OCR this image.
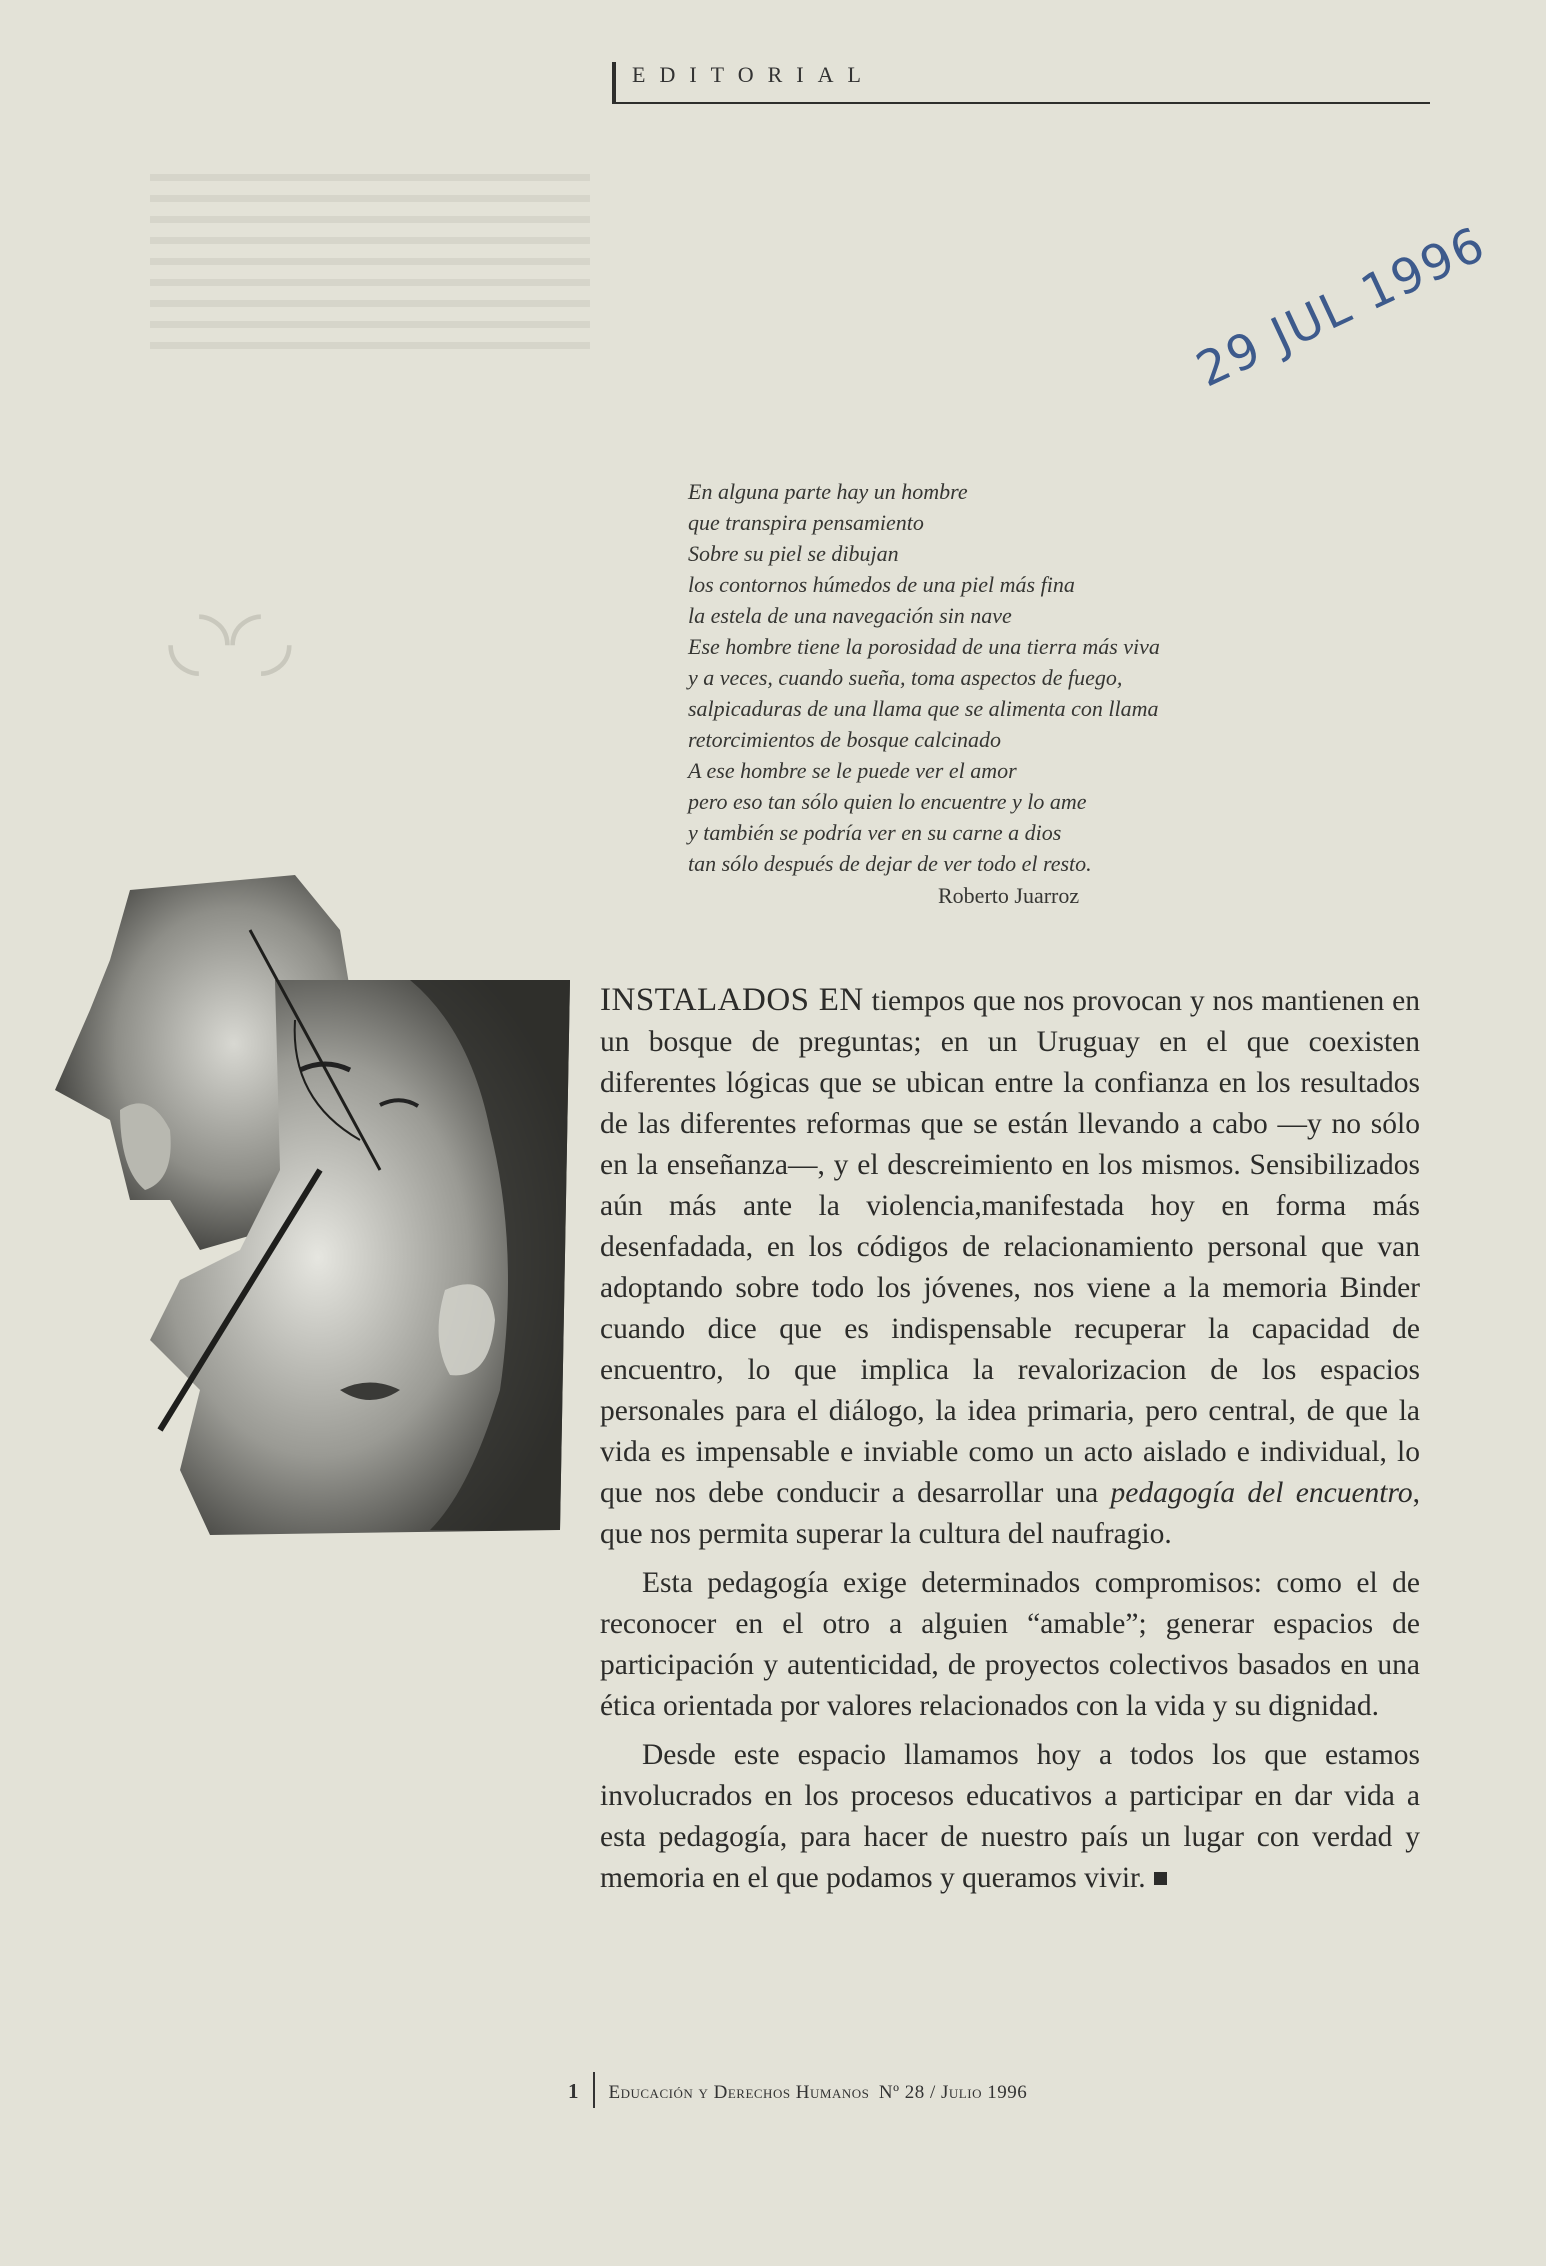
◟◝◜◞
EDITORIAL
29 JUL 1996
En alguna parte hay un hombre
que transpira pensamiento
Sobre su piel se dibujan
los contornos húmedos de una piel más fina
la estela de una navegación sin nave
Ese hombre tiene la porosidad de una tierra más viva
y a veces, cuando sueña, toma aspectos de fuego,
salpicaduras de una llama que se alimenta con llama
retorcimientos de bosque calcinado
A ese hombre se le puede ver el amor
pero eso tan sólo quien lo encuentre y lo ame
y también se podría ver en su carne a dios
tan sólo después de dejar de ver todo el resto.
Roberto Juarroz

INSTALADOS EN tiempos que nos provocan y nos mantienen en un bosque de preguntas; en un Uruguay en el que coexisten diferentes lógicas que se ubican entre la confianza en los resultados de las diferentes reformas que se están llevando a cabo —y no sólo en la enseñanza—, y el descreimiento en los mismos. Sensibilizados aún más ante la violencia,manifestada hoy en forma más desenfadada, en los códigos de relacionamiento personal que van adoptando sobre todo los jóvenes, nos viene a la memoria Binder cuando dice que es indispensable recuperar la capacidad de encuentro, lo que implica la revalorizacion de los espacios personales para el diálogo, la idea primaria, pero central, de que la vida es impensable e inviable como un acto aislado e individual, lo que nos debe conducir a desarrollar una pedagogía del encuentro, que nos permita superar la cultura del naufragio.

Esta pedagogía exige determinados compromisos: como el de reconocer en el otro a alguien “amable”; generar espacios de participación y autenticidad, de proyectos colectivos basados en una ética orientada por valores relacionados con la vida y su dignidad.

Desde este espacio llamamos hoy a todos los que estamos involucrados en los procesos educativos a participar en dar vida a esta pedagogía, para hacer de nuestro país un lugar con verdad y memoria en el que podamos y queramos vivir.

1 Educación y Derechos Humanos Nº 28 / Julio 1996
